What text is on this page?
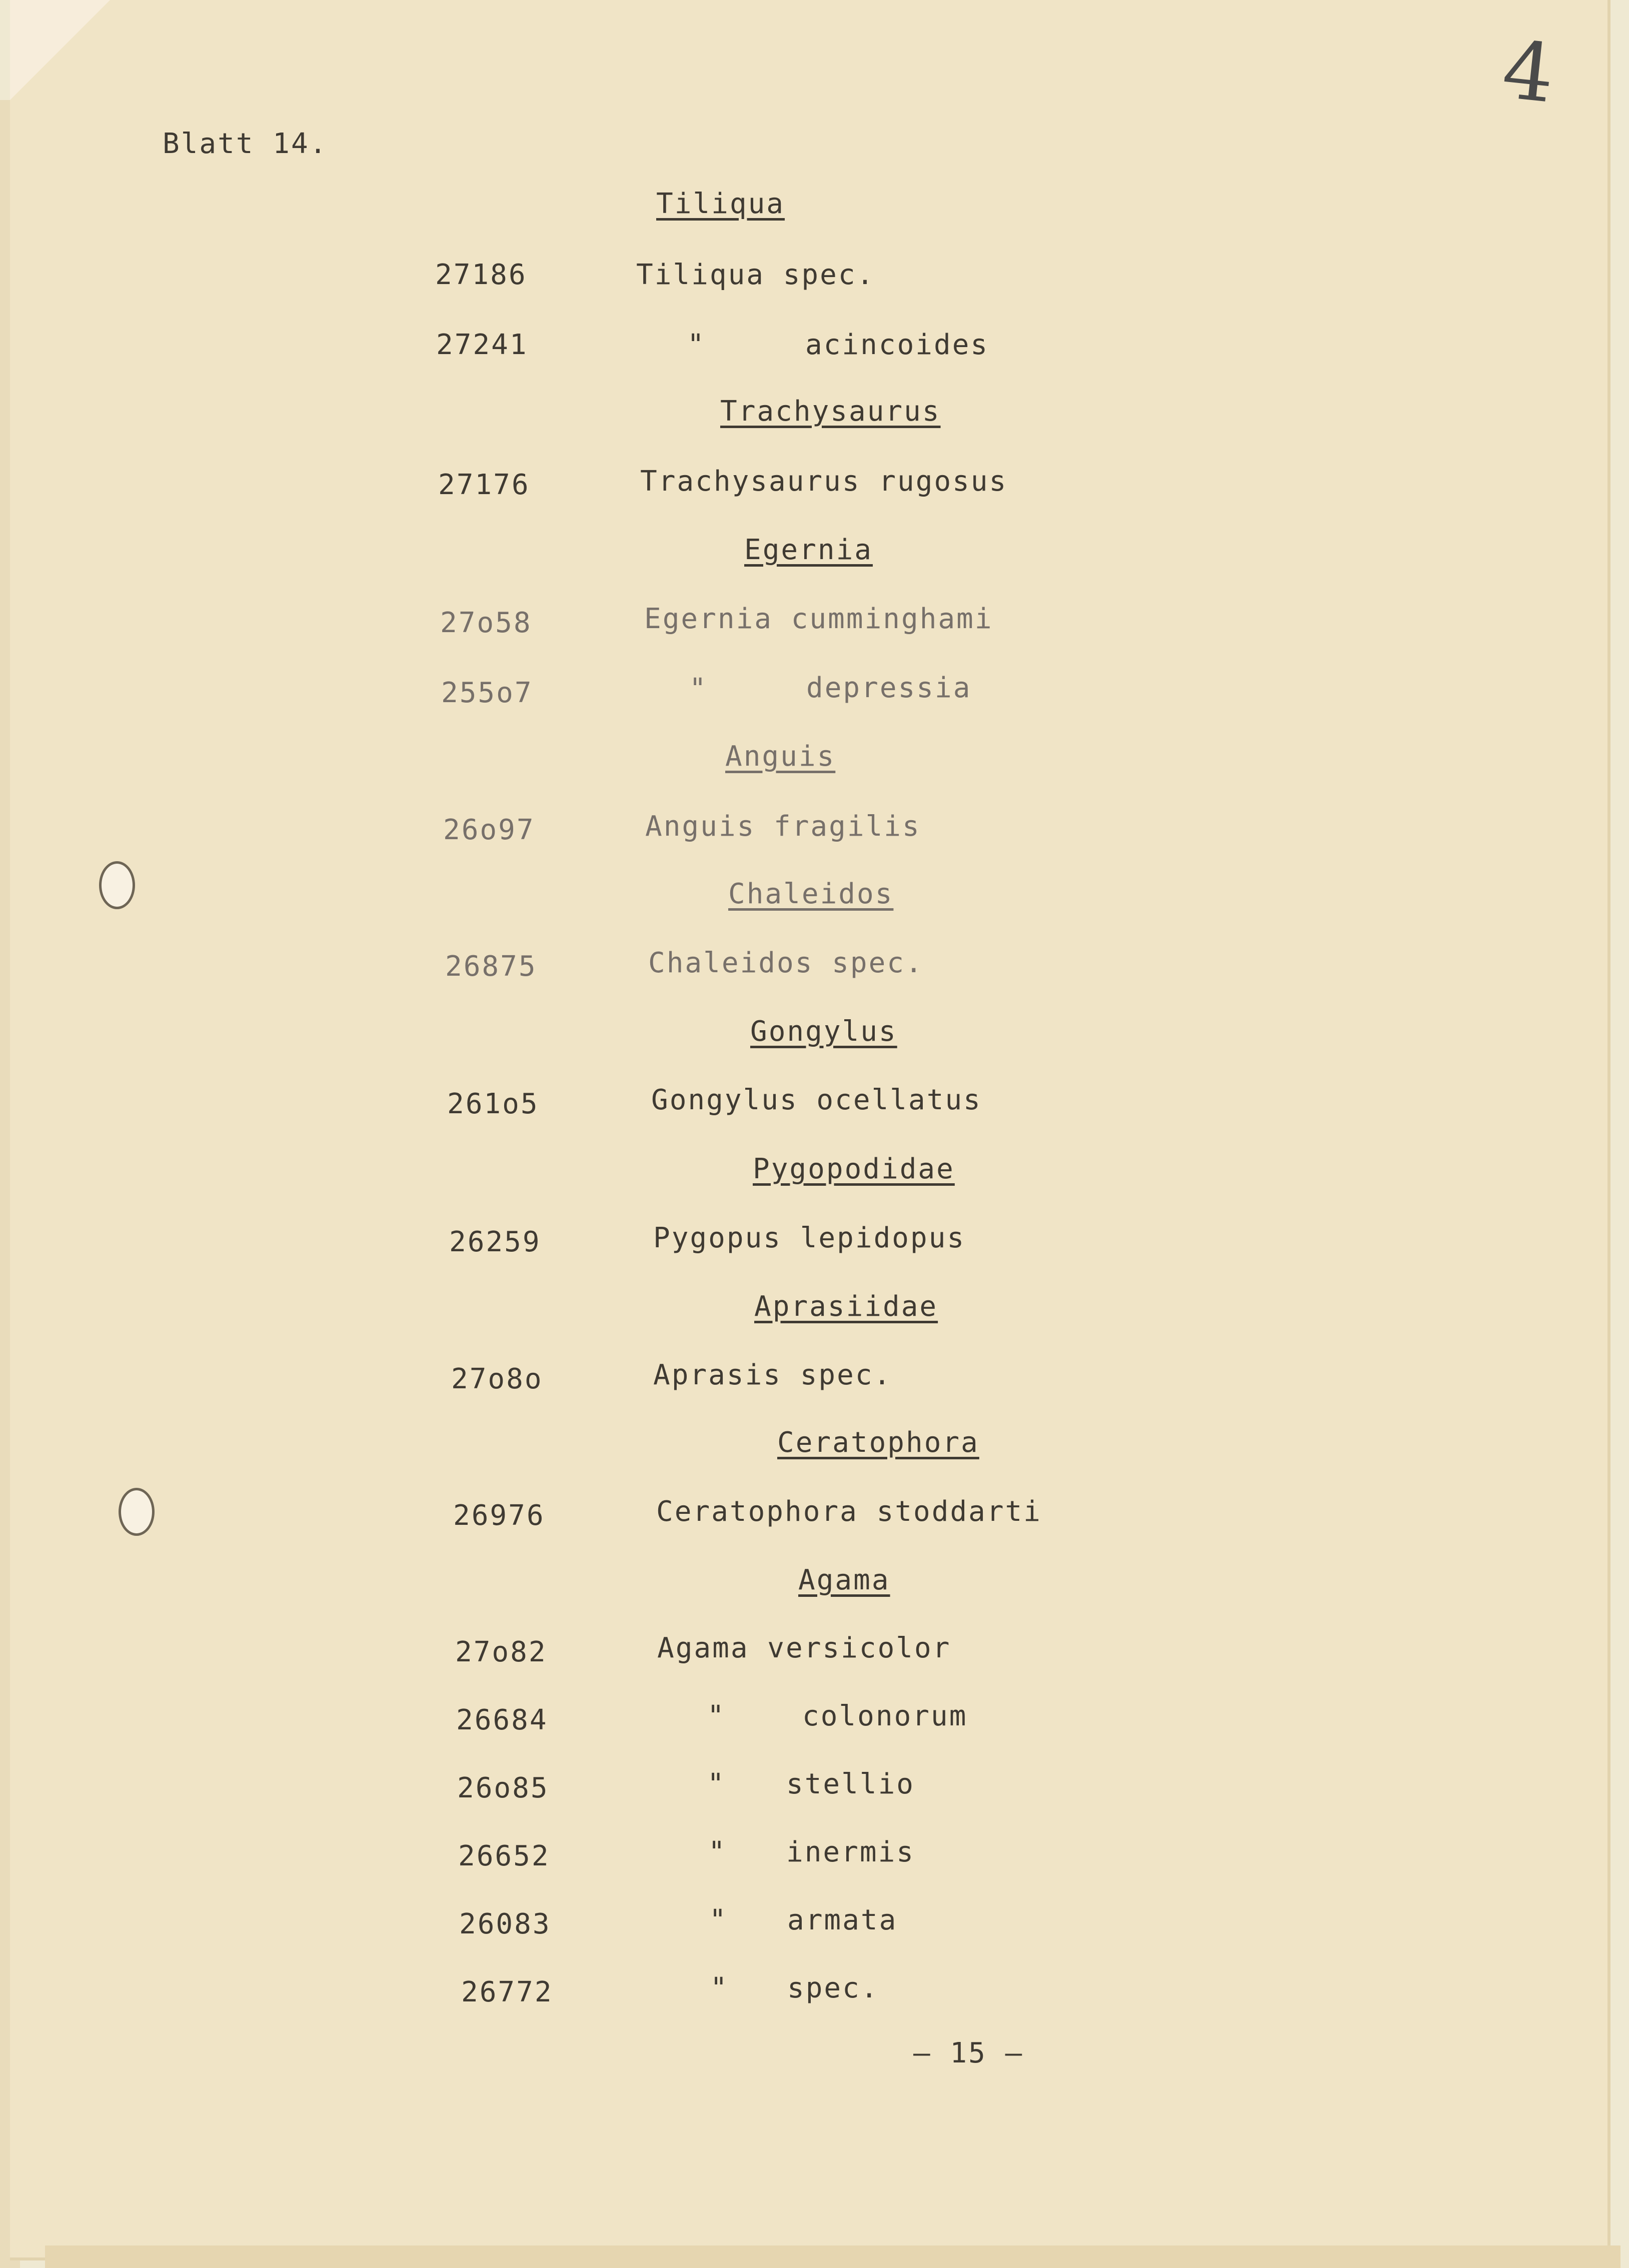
4
Blatt 14.
Tiliqua
27186	Tiliqua spec.
27241	"	acincoides
Trachysaurus
27176	Trachysaurus rugosus
Egernia
27o58	Egernia cumminghami
255o7	"	depressia
Anguis
26o97	Anguis fragilis
Chaleidos
26875	Chaleidos spec.
Gongylus
261o5	Gongylus ocellatus
Pygopodidae
26259	Pygopus lepidopus
Aprasiidae
27o8o	Aprasis spec.
Ceratophora
26976	Ceratophora stoddarti
Agama
27o82	Agama versicolor
26684	"	colonorum
26o85	" stellio
26652	" inermis
26083	" armata
26772	" spec.
– 15 –
